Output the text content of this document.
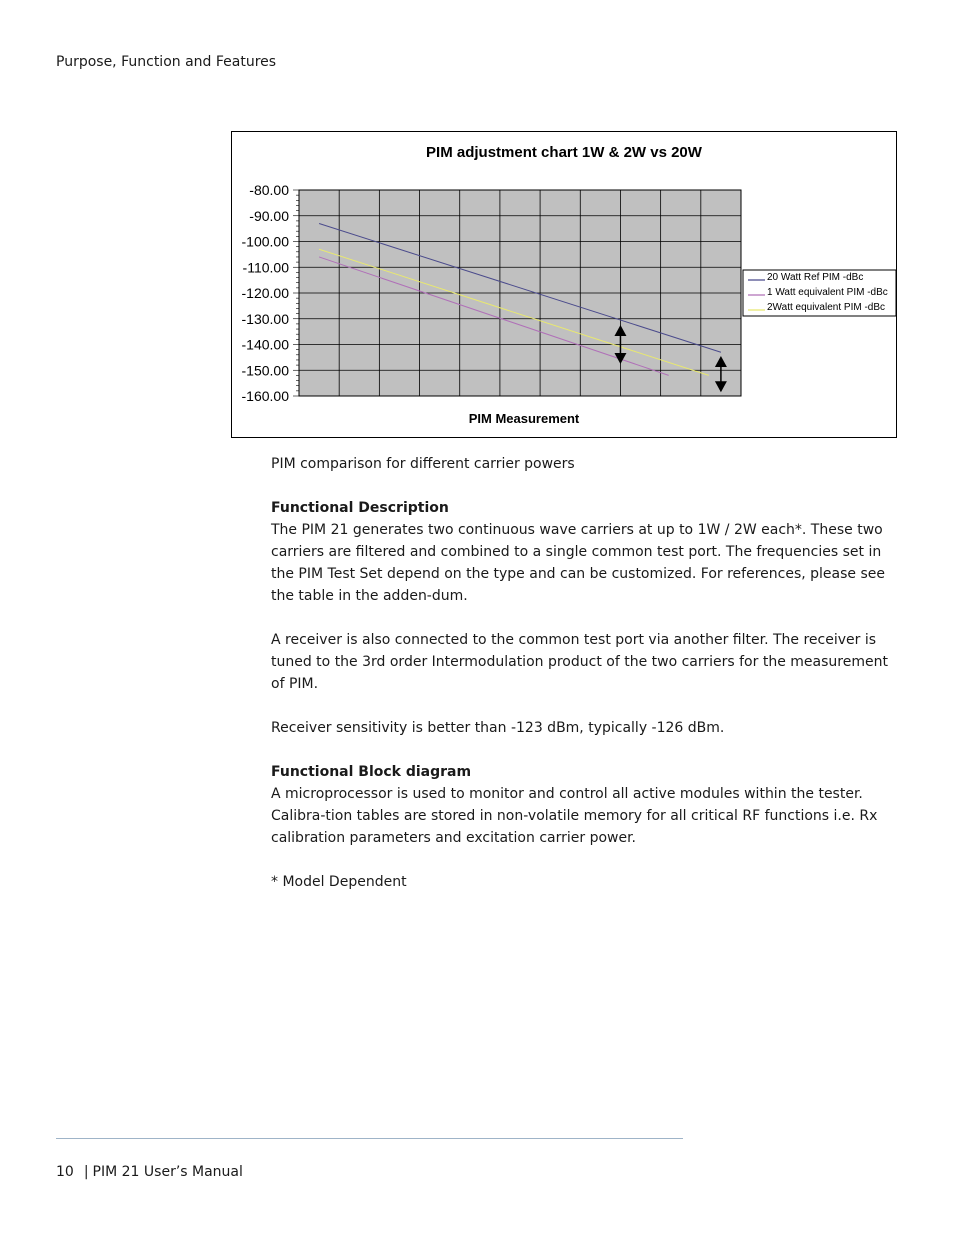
Purpose, Function and Features
PIM adjustment chart 1W & 2W vs 20W
-80.00
-90.00
-100.00
-110.00
-120.00
-130.00
-140.00
-150.00
-160.00
20 Watt Ref PIM -dBc
1 Watt equivalent PIM -dBc
2Watt equivalent PIM -dBc
PIM Measurement

PIM comparison for different carrier powers

Functional Description

The PIM 21 generates two continuous wave carriers at up to 1W / 2W each*. These two carriers are filtered and combined to a single common test port. The frequencies set in the PIM Test Set depend on the type and can be customized. For references, please see the table in the adden-dum.

A receiver is also connected to the common test port via another filter. The receiver is tuned to the 3rd order Intermodulation product of the two carriers for the measurement of PIM.

Receiver sensitivity is better than -123 dBm, typically -126 dBm.

Functional Block diagram

A microprocessor is used to monitor and control all active modules within the tester. Calibra-tion tables are stored in non-volatile memory for all critical RF functions i.e. Rx calibration parameters and excitation carrier power.

* Model Dependent

10 | PIM 21 User’s Manual
